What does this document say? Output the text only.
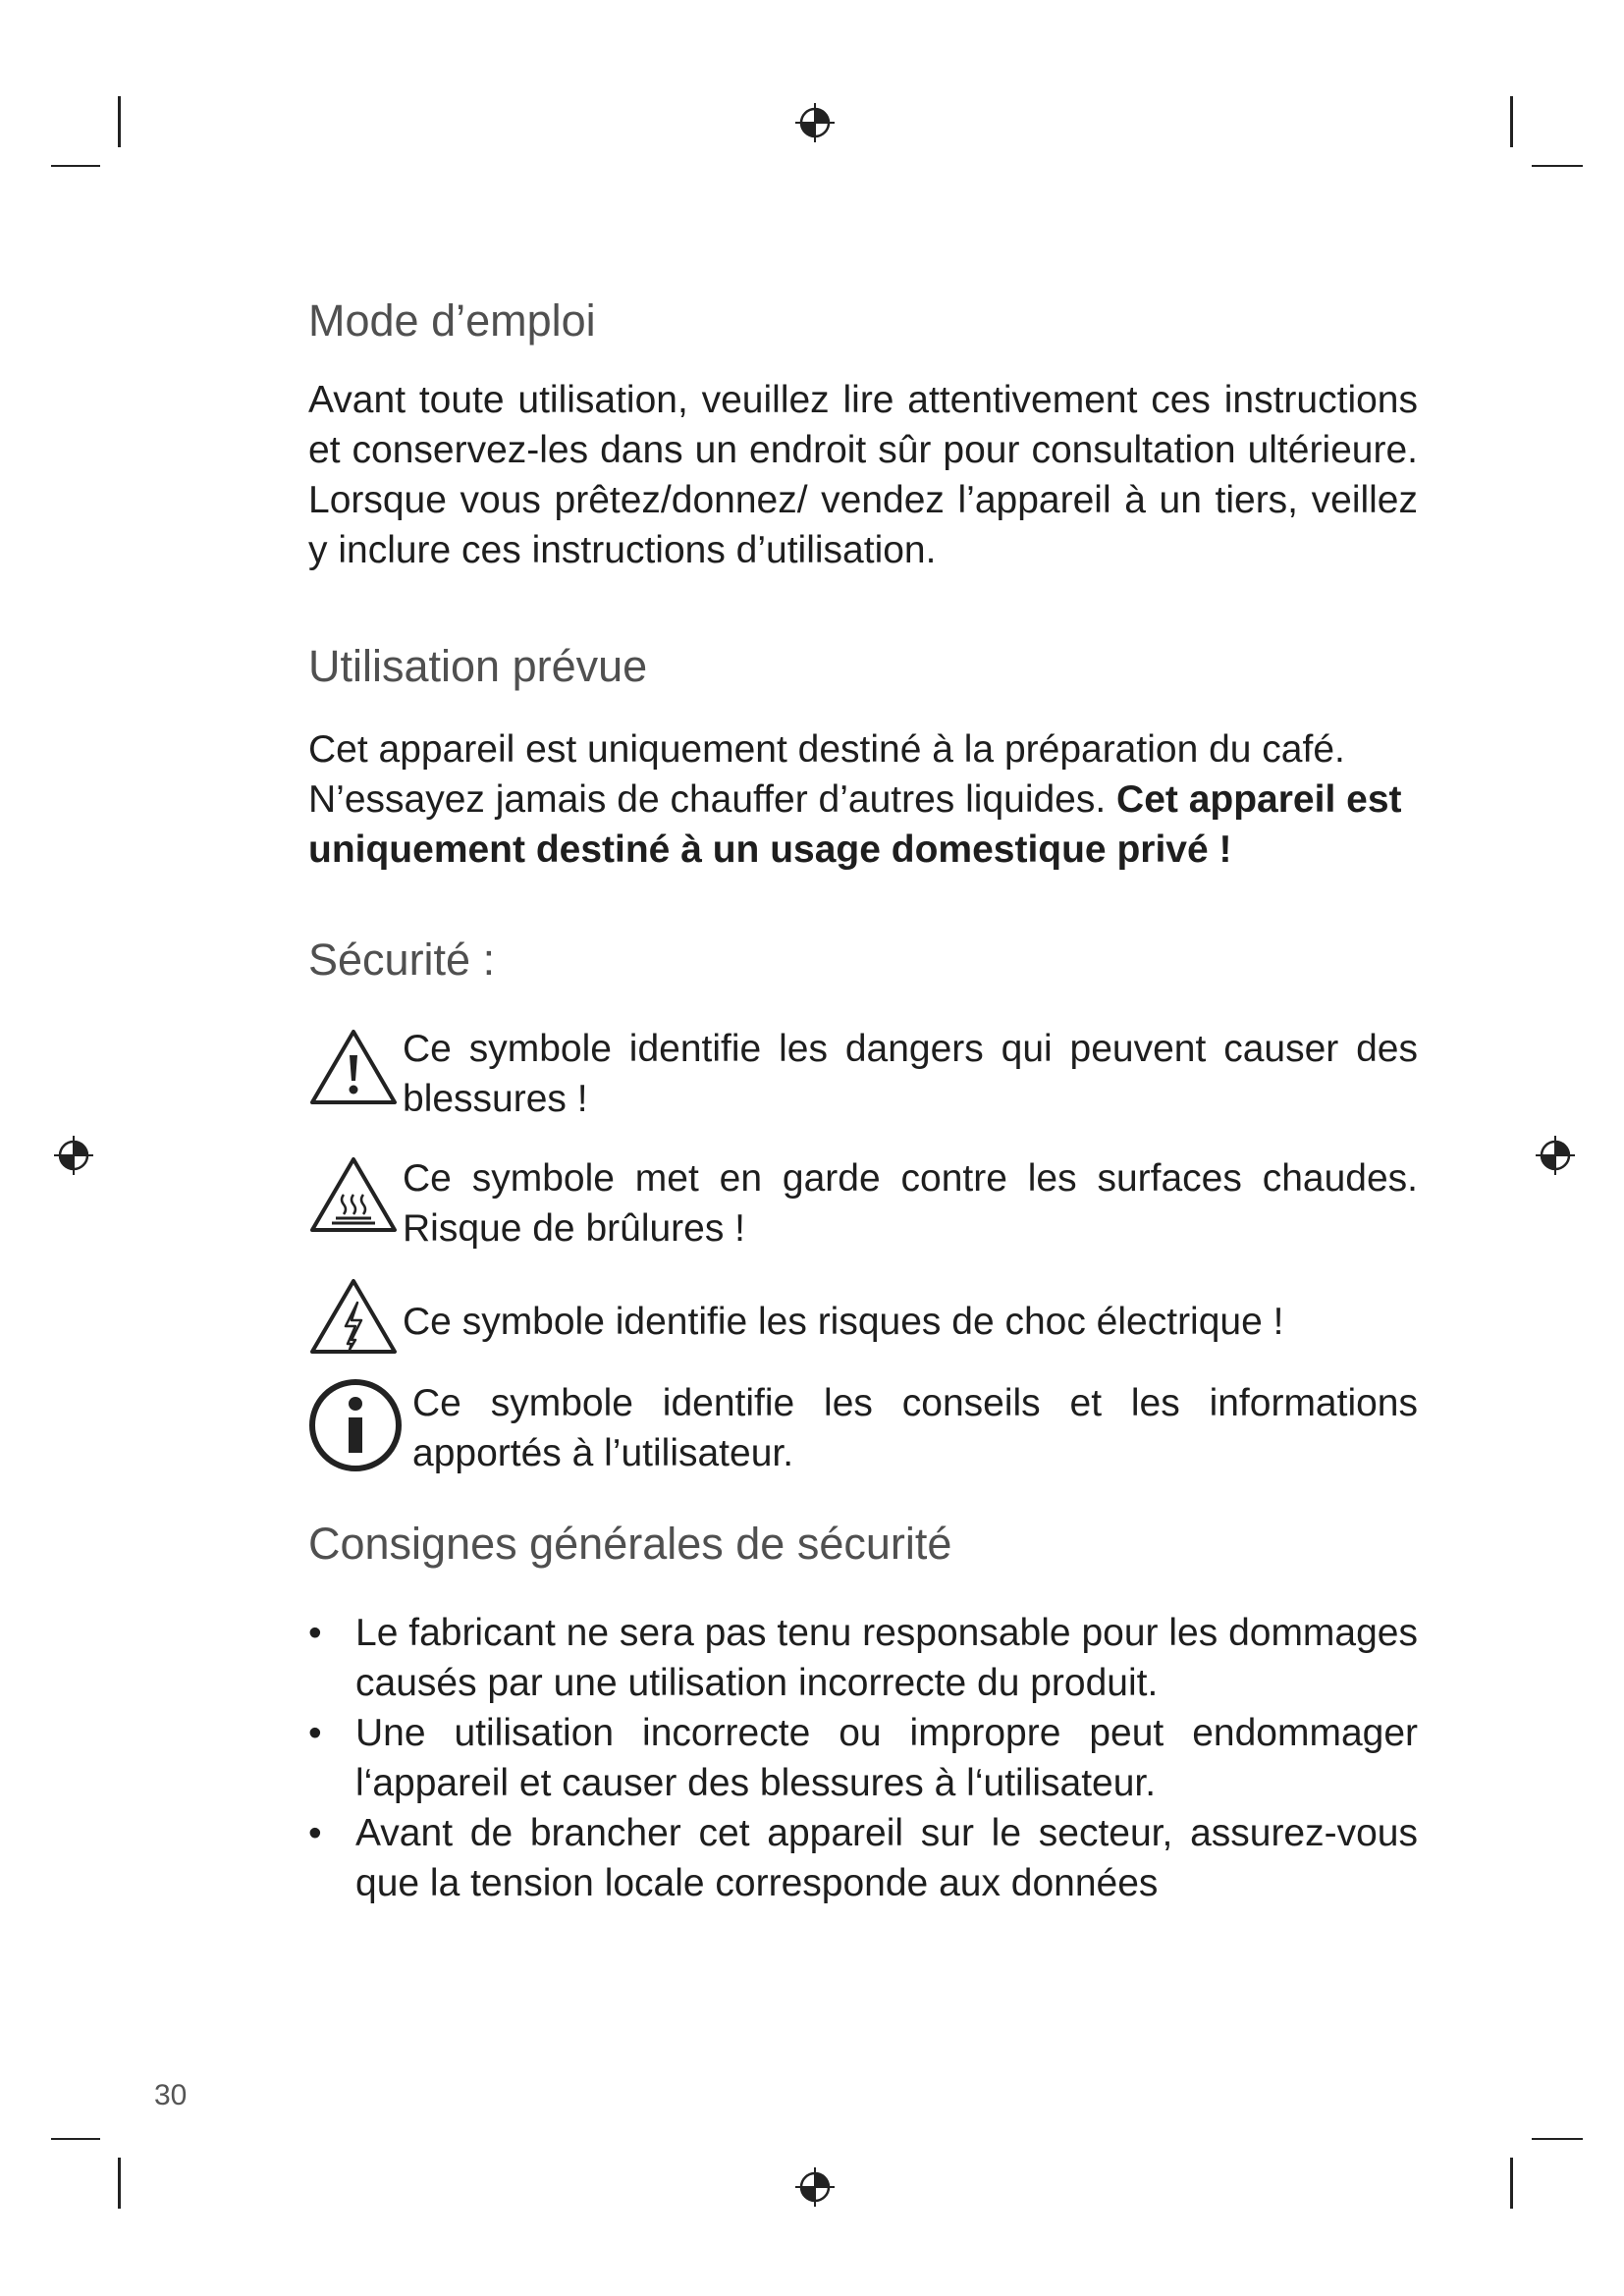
Mode d’emploi

Avant toute utilisation, veuillez lire attentivement ces instructions et conservez-les dans un endroit sûr pour consultation ultérieure. Lorsque vous prêtez/donnez/ vendez l’appareil à un tiers, veillez y inclure ces instructions d’utilisation.

Utilisation prévue

Cet appareil est uniquement destiné à la préparation du café. N’essayez jamais de chauffer d’autres liquides. Cet appareil est uniquement destiné à un usage domestique privé !

Sécurité :

Ce symbole identifie les dangers qui peuvent causer des blessures !

Ce symbole met en garde contre les surfaces chaudes. Risque de brûlures !

Ce symbole identifie les risques de choc électrique !

Ce symbole identifie les conseils et les informations apportés à l’utilisateur.

Consignes générales de sécurité
• Le fabricant ne sera pas tenu responsable pour les dommages causés par une utilisation incorrecte du produit.
• Une utilisation incorrecte ou impropre peut endommager l‘appareil et causer des blessures à l‘utilisateur.
• Avant de brancher cet appareil sur le secteur, assurez-vous que la tension locale corresponde aux données
30
